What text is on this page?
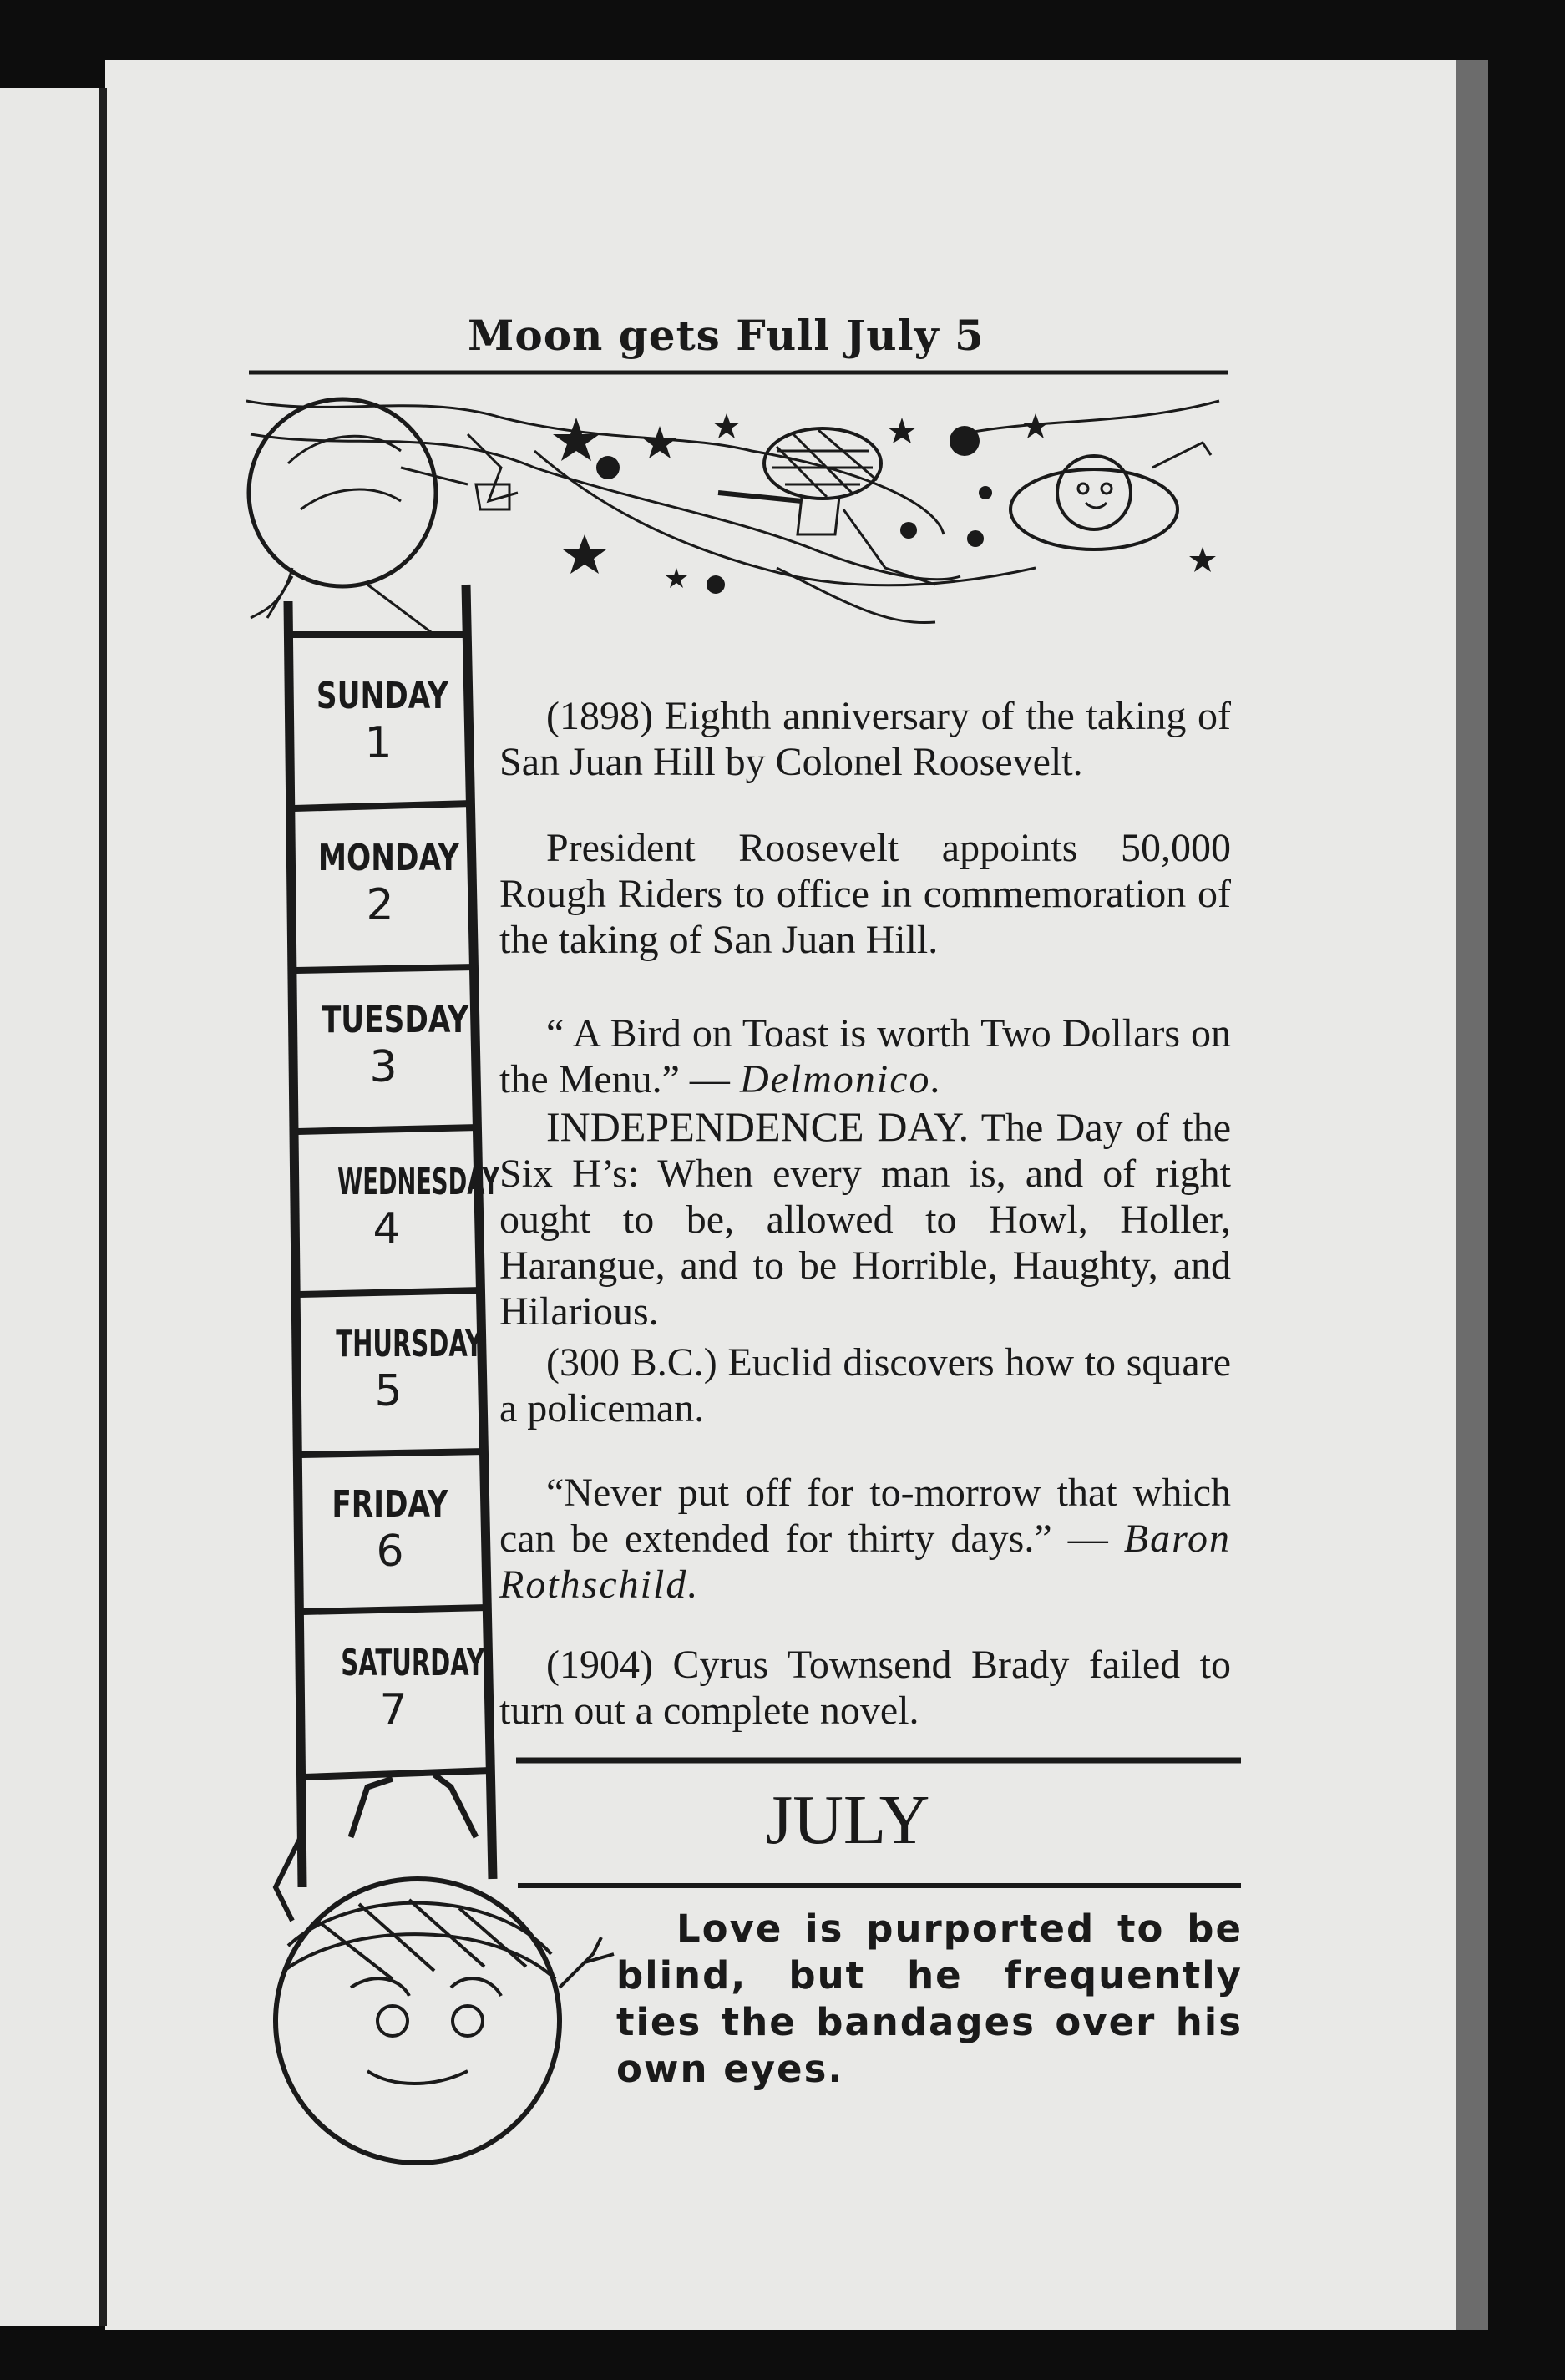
Moon gets Full July 5
SUNDAY
1
MONDAY
2
TUESDAY
3
WEDNESDAY
4
THURSDAY
5
FRIDAY
6
SATURDAY
7

(1898) Eighth anniversary of the taking of San Juan Hill by Colonel Roosevelt.

President Roosevelt appoints 50,000 Rough Riders to office in commemoration of the taking of San Juan Hill.

“ A Bird on Toast is worth Two Dollars on the Menu.” — Delmonico.

INDEPENDENCE DAY. The Day of the Six H’s: When every man is, and of right ought to be, allowed to Howl, Holler, Harangue, and to be Horrible, Haughty, and Hilarious.

(300 B.C.) Euclid discovers how to square a policeman.

“Never put off for to-morrow that which can be extended for thirty days.” — Baron Rothschild.

(1904) Cyrus Townsend Brady failed to turn out a complete novel.

JULY
Love is purported to be blind, but he frequently ties the bandages over his own eyes.
